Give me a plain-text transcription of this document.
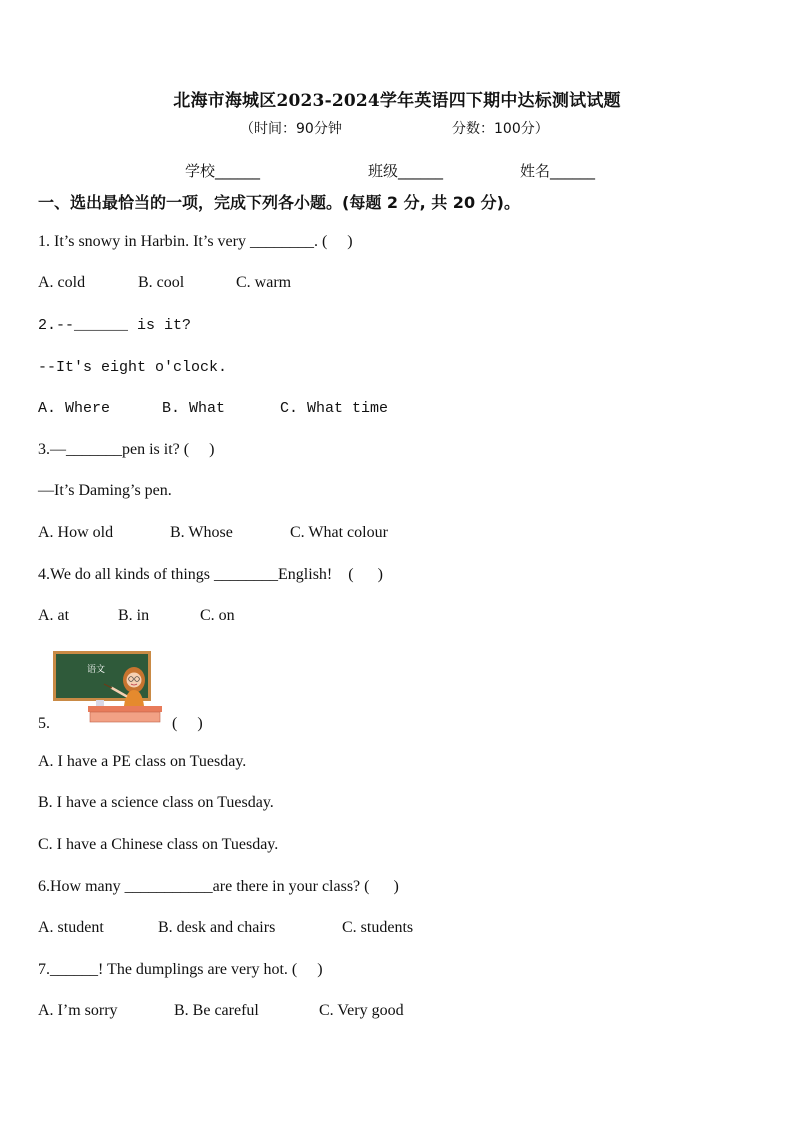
北海市海城区2023-2024学年英语四下期中达标测试试题
（时间：90分钟	分数：100分）
学校______	班级______	姓名______
一、选出最恰当的一项，完成下列各小题。(每题 2 分, 共 20 分)。
1. It’s snowy in Harbin. It’s very ________. (     )
A. cold	B. cool	C. warm
2.--______ is it?
--It's eight o'clock.
A. Where	B. What	C. What time
3.—_______pen is it? (     )
—It’s Daming’s pen.
A. How old	B. Whose	C. What colour
4.We do all kinds of things ________English!    (      )
A. at	B. in	C. on
语文
5.	(     )
A. I have a PE class on Tuesday.
B. I have a science class on Tuesday.
C. I have a Chinese class on Tuesday.
6.How many ___________are there in your class? (      )
A. student	B. desk and chairs	C. students
7.______! The dumplings are very hot. (     )
A. I’m sorry	B. Be careful	C. Very good
